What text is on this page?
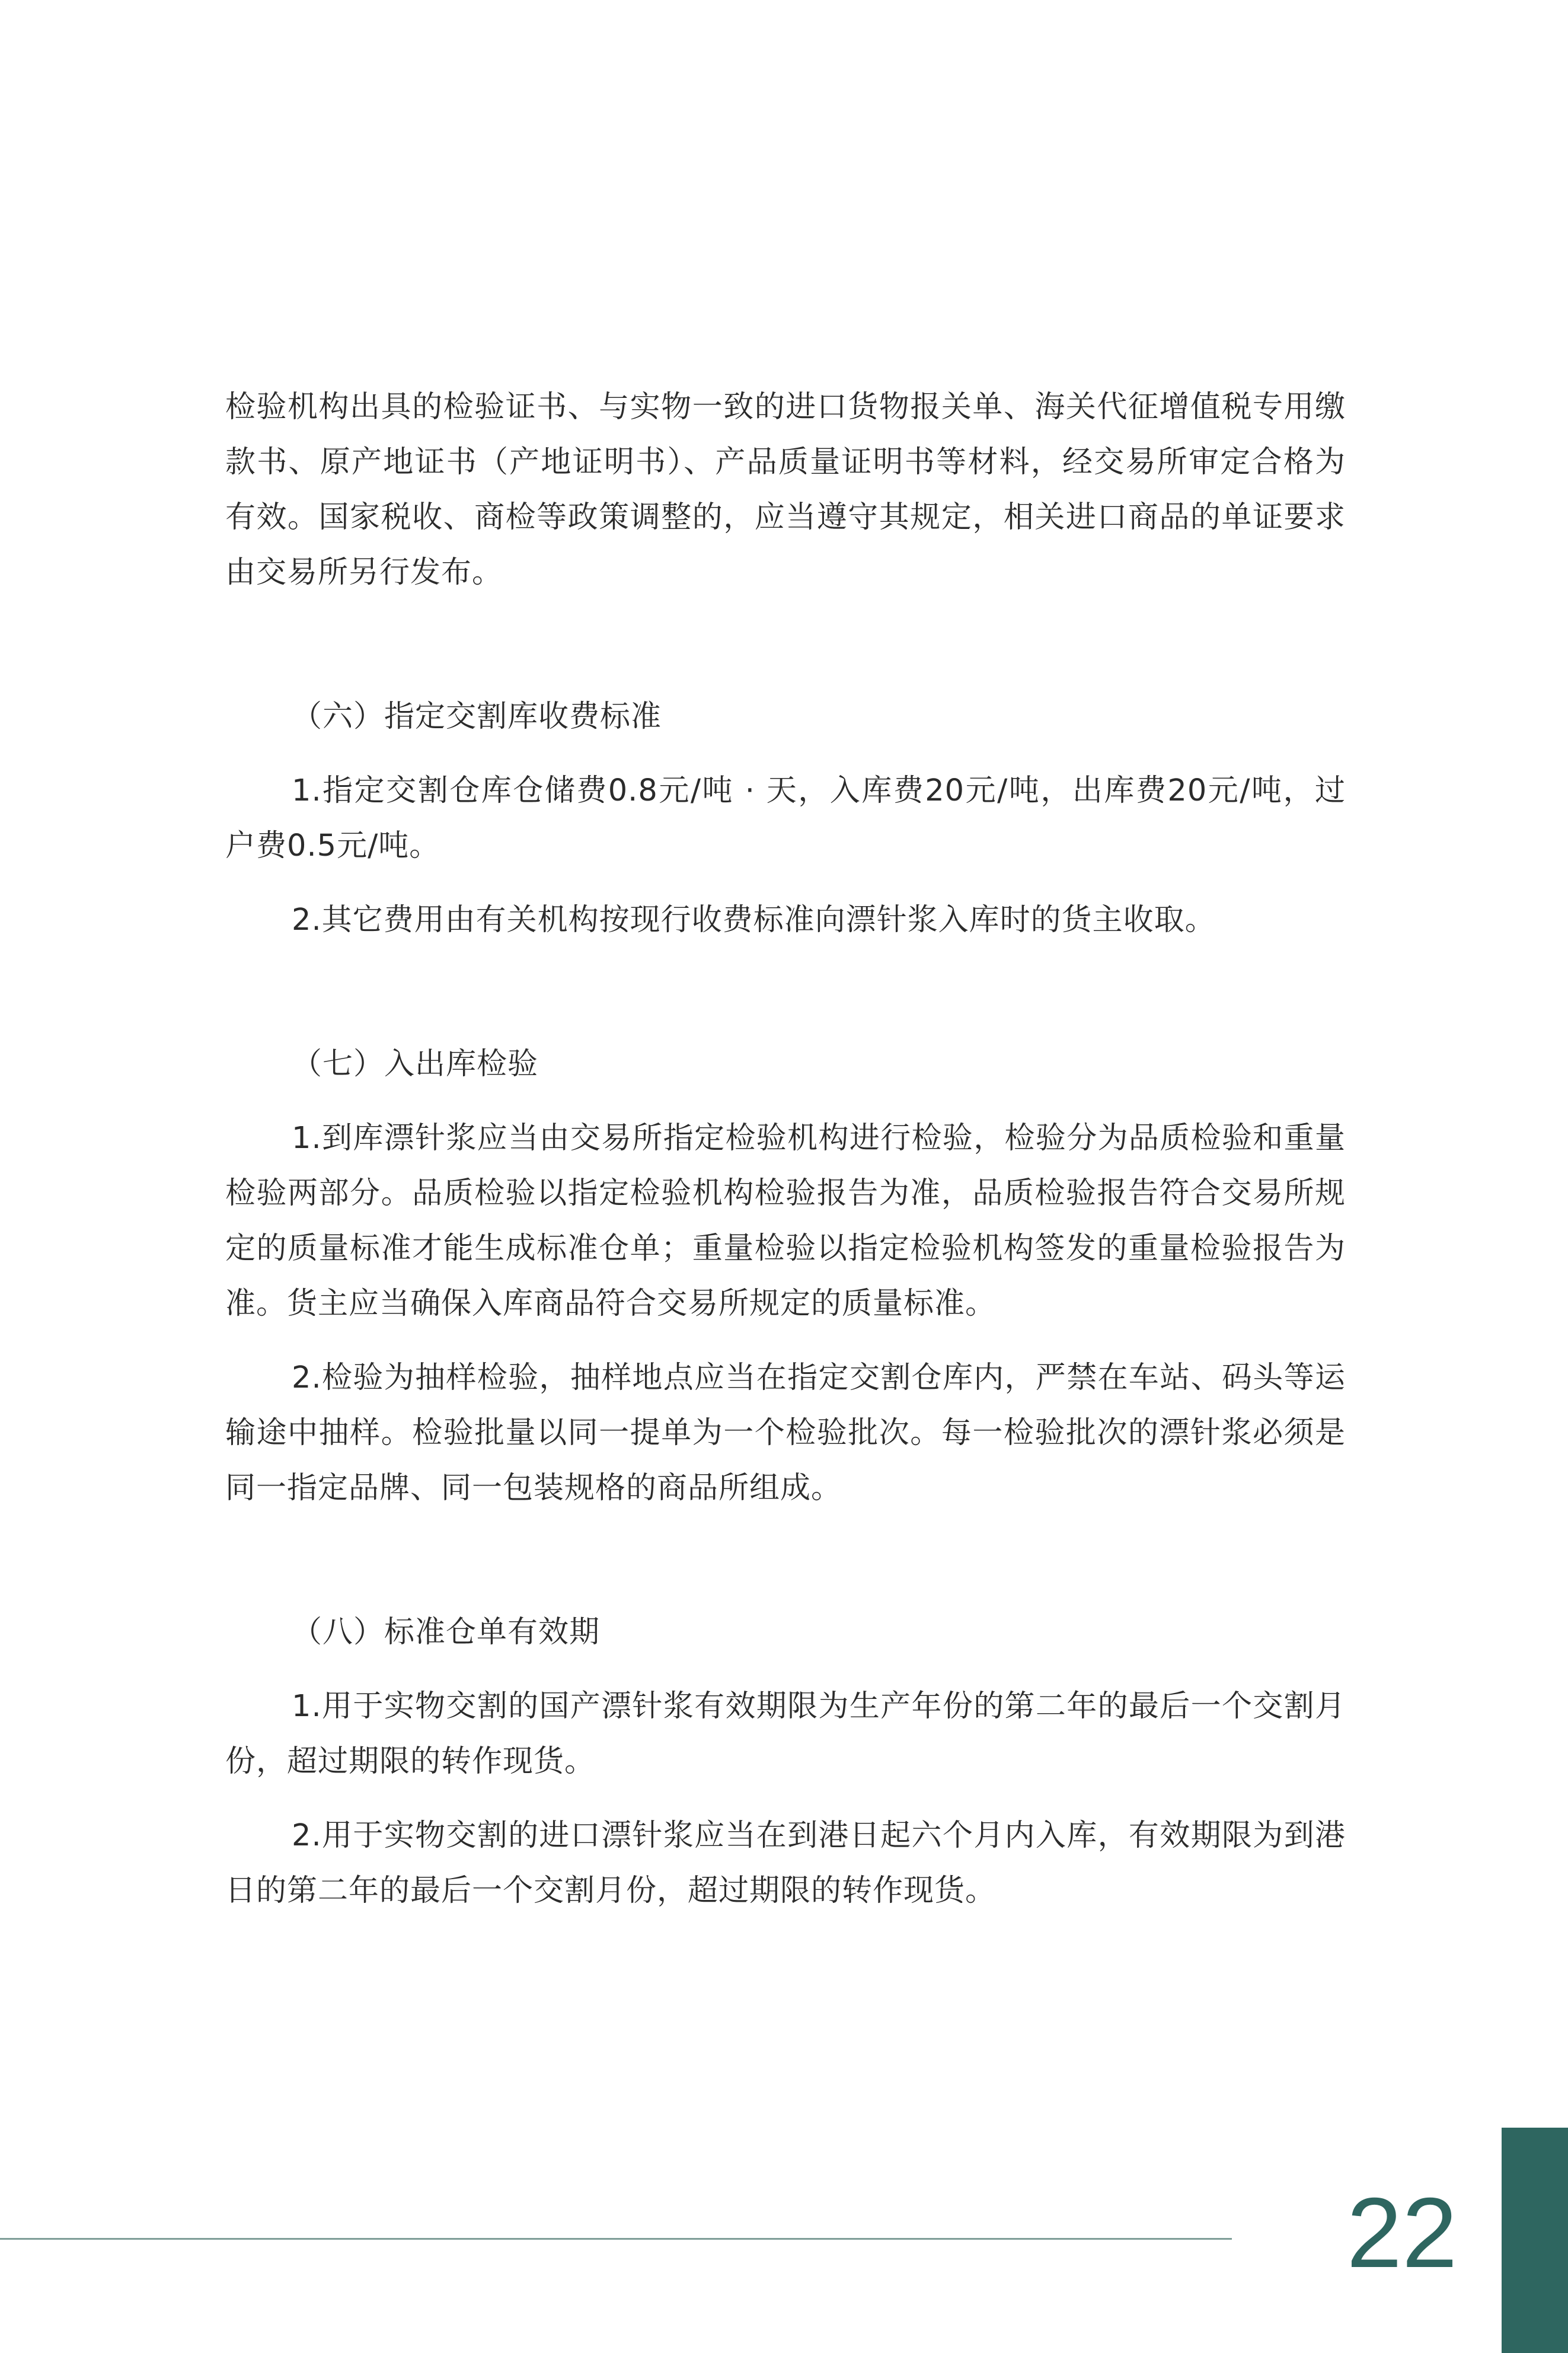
检验机构出具的检验证书、与实物一致的进口货物报关单、海关代征增值税专用缴款书、原产地证书（产地证明书）、产品质量证明书等材料，经交易所审定合格为有效。国家税收、商检等政策调整的，应当遵守其规定，相关进口商品的单证要求由交易所另行发布。

（六）指定交割库收费标准

1.指定交割仓库仓储费0.8元/吨 · 天，入库费20元/吨，出库费20元/吨，过户费0.5元/吨。

2.其它费用由有关机构按现行收费标准向漂针浆入库时的货主收取。

（七）入出库检验

1.到库漂针浆应当由交易所指定检验机构进行检验，检验分为品质检验和重量检验两部分。品质检验以指定检验机构检验报告为准，品质检验报告符合交易所规定的质量标准才能生成标准仓单；重量检验以指定检验机构签发的重量检验报告为准。货主应当确保入库商品符合交易所规定的质量标准。

2.检验为抽样检验，抽样地点应当在指定交割仓库内，严禁在车站、码头等运输途中抽样。检验批量以同一提单为一个检验批次。每一检验批次的漂针浆必须是同一指定品牌、同一包装规格的商品所组成。

（八）标准仓单有效期

1.用于实物交割的国产漂针浆有效期限为生产年份的第二年的最后一个交割月份，超过期限的转作现货。

2.用于实物交割的进口漂针浆应当在到港日起六个月内入库，有效期限为到港日的第二年的最后一个交割月份，超过期限的转作现货。

22
